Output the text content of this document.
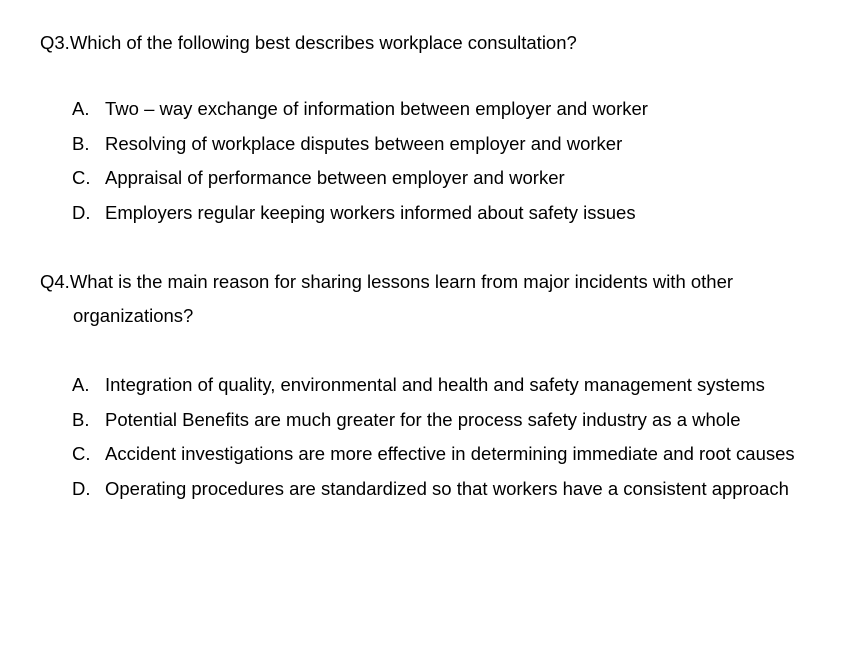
Q3. Which of the following best describes workplace consultation?
A. Two – way exchange of information between employer and worker
B. Resolving of workplace disputes between employer and worker
C. Appraisal of performance between employer and worker
D. Employers regular keeping workers informed about safety issues
Q4. What is the main reason for sharing lessons learn from major incidents with other
organizations?
A. Integration of quality, environmental and health and safety management systems
B. Potential Benefits are much greater for the process safety industry as a whole
C. Accident investigations are more effective in determining immediate and root causes
D. Operating procedures are standardized so that workers have a consistent approach
